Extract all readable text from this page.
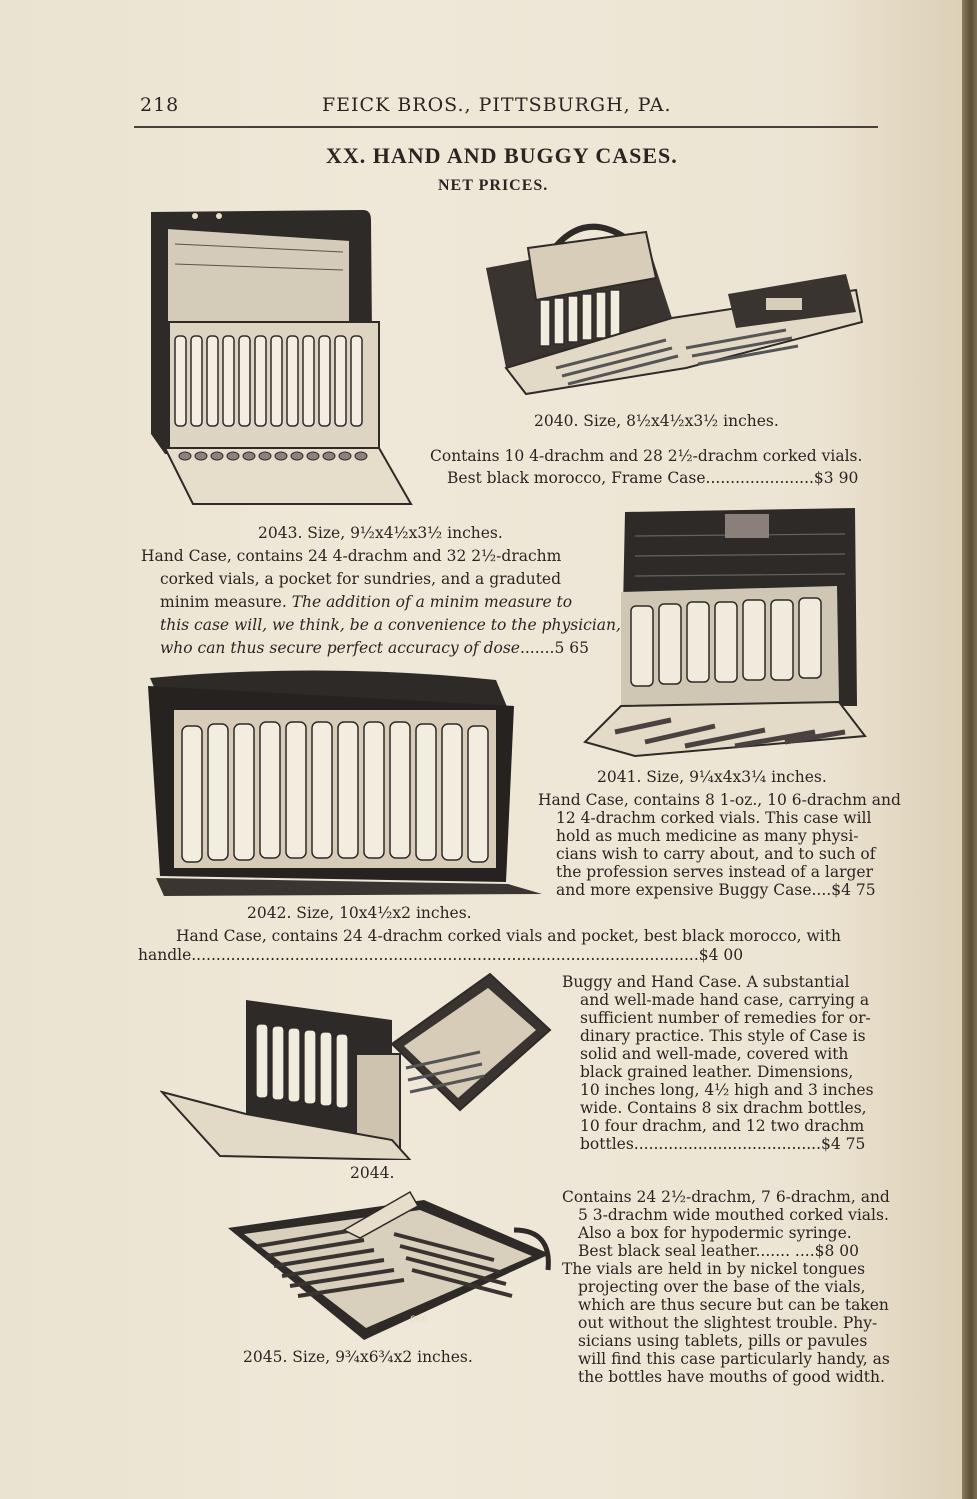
218	FEICK BROS., PITTSBURGH, PA.
XX. HAND AND BUGGY CASES.
NET PRICES.
2040. Size, 8½x4½x3½ inches.
Contains 10 4-drachm and 28 2½-drachm corked vials.
Best black morocco, Frame Case......................$3 90
2043. Size, 9½x4½x3½ inches.
Hand Case, contains 24 4-drachm and 32 2½-drachm
corked vials, a pocket for sundries, and a graduted
minim measure. The addition of a minim measure to
this case will, we think, be a convenience to the physician,
who can thus secure perfect accuracy of dose.......5 65
2041. Size, 9¼x4x3¼ inches.
Hand Case, contains 8 1-oz., 10 6-drachm and
12 4-drachm corked vials. This case will
hold as much medicine as many physi-
cians wish to carry about, and to such of
the profession serves instead of a larger
and more expensive Buggy Case....$4 75
2042. Size, 10x4½x2 inches.
Hand Case, contains 24 4-drachm corked vials and pocket, best black morocco, with
handle.......................................................................................................$4 00
2044.
Buggy and Hand Case. A substantial
and well-made hand case, carrying a
sufficient number of remedies for or-
dinary practice. This style of Case is
solid and well-made, covered with
black grained leather. Dimensions,
10 inches long, 4½ high and 3 inches
wide. Contains 8 six drachm bottles,
10 four drachm, and 12 two drachm
bottles......................................$4 75
666
2045. Size, 9¾x6¾x2 inches.
Contains 24 2½-drachm, 7 6-drachm, and
5 3-drachm wide mouthed corked vials.
Also a box for hypodermic syringe.
Best black seal leather....... ....$8 00
The vials are held in by nickel tongues
projecting over the base of the vials,
which are thus secure but can be taken
out without the slightest trouble. Phy-
sicians using tablets, pills or pavules
will find this case particularly handy, as
the bottles have mouths of good width.
